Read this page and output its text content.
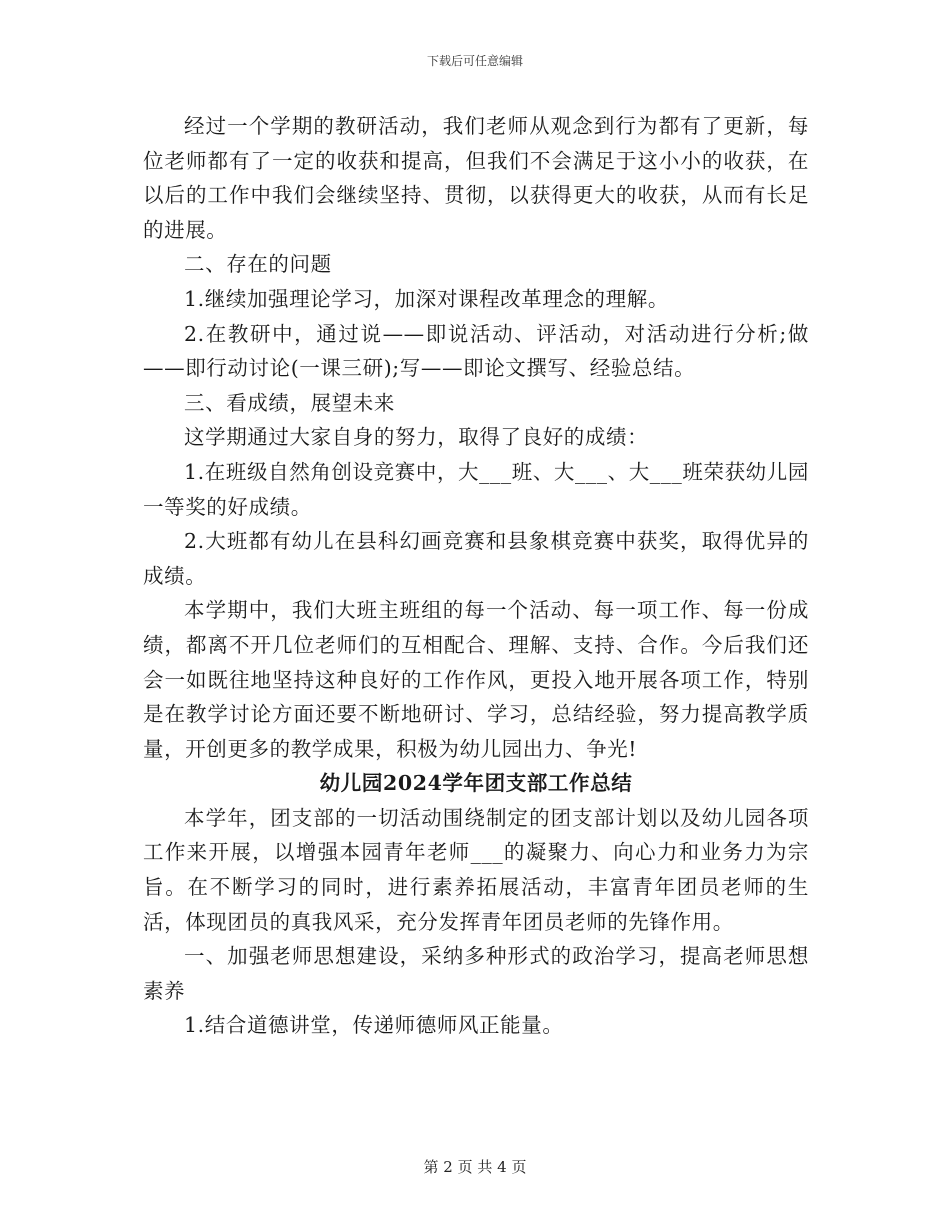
下载后可任意编辑

经过一个学期的教研活动，我们老师从观念到行为都有了更新，每位老师都有了一定的收获和提高，但我们不会满足于这小小的收获，在以后的工作中我们会继续坚持、贯彻，以获得更大的收获，从而有长足的进展。

二、存在的问题

1.继续加强理论学习，加深对课程改革理念的理解。

2.在教研中，通过说——即说活动、评活动，对活动进行分析;做——即行动讨论(一课三研);写——即论文撰写、经验总结。

三、看成绩，展望未来

这学期通过大家自身的努力，取得了良好的成绩：

1.在班级自然角创设竞赛中，大___班、大___、大___班荣获幼儿园一等奖的好成绩。

2.大班都有幼儿在县科幻画竞赛和县象棋竞赛中获奖，取得优异的成绩。

本学期中，我们大班主班组的每一个活动、每一项工作、每一份成绩，都离不开几位老师们的互相配合、理解、支持、合作。今后我们还会一如既往地坚持这种良好的工作作风，更投入地开展各项工作，特别是在教学讨论方面还要不断地研讨、学习，总结经验，努力提高教学质量，开创更多的教学成果，积极为幼儿园出力、争光!

幼儿园2024学年团支部工作总结

本学年，团支部的一切活动围绕制定的团支部计划以及幼儿园各项工作来开展，以增强本园青年老师___的凝聚力、向心力和业务力为宗旨。在不断学习的同时，进行素养拓展活动，丰富青年团员老师的生活，体现团员的真我风采，充分发挥青年团员老师的先锋作用。

一、加强老师思想建设，采纳多种形式的政治学习，提高老师思想素养

1.结合道德讲堂，传递师德师风正能量。

第 2 页 共 4 页
